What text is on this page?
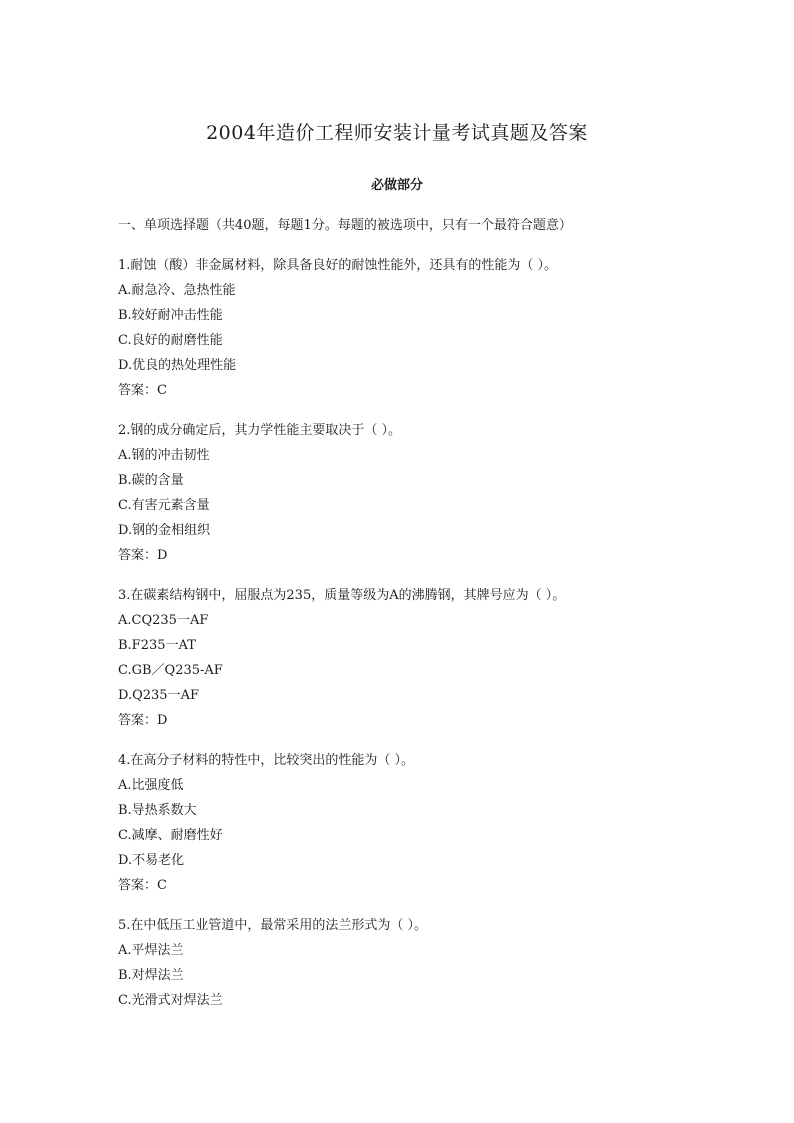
2004年造价工程师安装计量考试真题及答案
必做部分
一、单项选择题（共40题，每题1分。每题的被选项中，只有一个最符合题意）
1.耐蚀（酸）非金属材料，除具备良好的耐蚀性能外，还具有的性能为（ ）。
A.耐急冷、急热性能
B.较好耐冲击性能
C.良好的耐磨性能
D.优良的热处理性能
答案：C
2.钢的成分确定后，其力学性能主要取决于（ ）。
A.钢的冲击韧性
B.碳的含量
C.有害元素含量
D.钢的金相组织
答案：D
3.在碳素结构钢中，屈服点为235，质量等级为A的沸腾钢，其牌号应为（ ）。
A.CQ235一AF
B.F235一AT
C.GB／Q235-AF
D.Q235一AF
答案：D
4.在高分子材料的特性中，比较突出的性能为（ ）。
A.比强度低
B.导热系数大
C.减摩、耐磨性好
D.不易老化
答案：C
5.在中低压工业管道中，最常采用的法兰形式为（ ）。
A.平焊法兰
B.对焊法兰
C.光滑式对焊法兰
